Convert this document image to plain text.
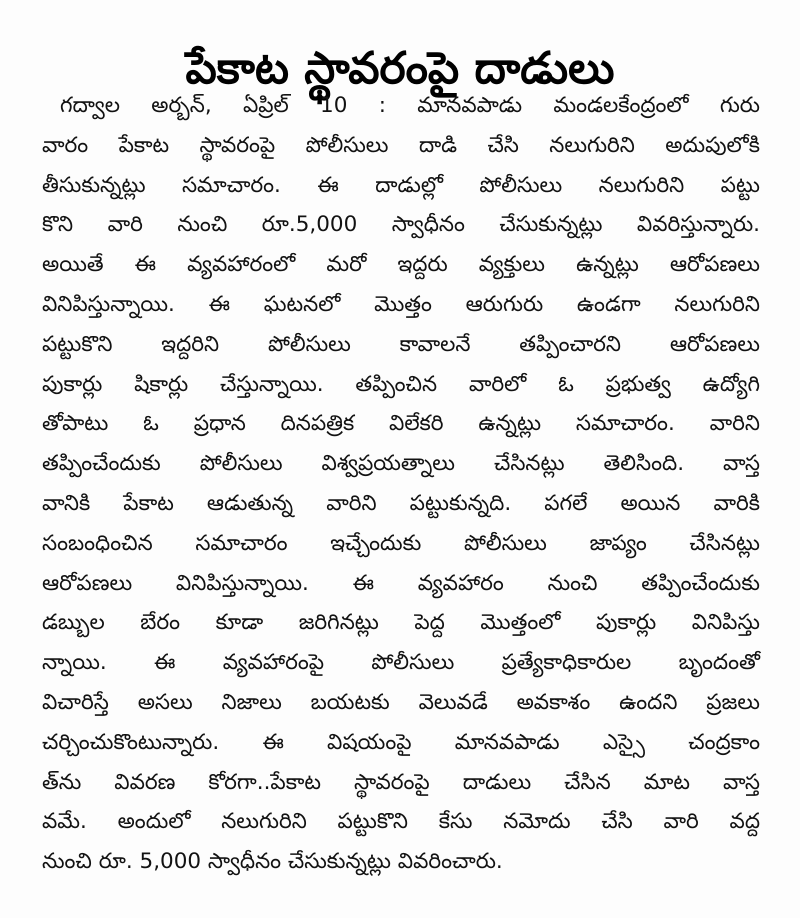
పేకాట స్థావరంపై దాడులు
గద్వాల అర్బన్, ఏప్రిల్ 10 : మానవపాడు మండలకేంద్రంలో గురు
వారం పేకాట స్థావరంపై పోలీసులు దాడి చేసి నలుగురిని అదుపులోకి
తీసుకున్నట్లు సమాచారం. ఈ దాడుల్లో పోలీసులు నలుగురిని పట్టు
కొని వారి నుంచి రూ.5,000 స్వాధీనం చేసుకున్నట్లు వివరిస్తున్నారు.
అయితే ఈ వ్యవహారంలో మరో ఇద్దరు వ్యక్తులు ఉన్నట్లు ఆరోపణలు
వినిపిస్తున్నాయి. ఈ ఘటనలో మొత్తం ఆరుగురు ఉండగా నలుగురిని
పట్టుకొని ఇద్దరిని పోలీసులు కావాలనే తప్పించారని ఆరోపణలు
పుకార్లు షికార్లు చేస్తున్నాయి. తప్పించిన వారిలో ఓ ప్రభుత్వ ఉద్యోగి
తోపాటు ఓ ప్రధాన దినపత్రిక విలేకరి ఉన్నట్లు సమాచారం. వారిని
తప్పించేందుకు పోలీసులు విశ్వప్రయత్నాలు చేసినట్లు తెలిసింది. వాస్త
వానికి పేకాట ఆడుతున్న వారిని పట్టుకున్నది. పగలే అయిన వారికి
సంబంధించిన సమాచారం ఇచ్చేందుకు పోలీసులు జాప్యం చేసినట్లు
ఆరోపణలు వినిపిస్తున్నాయి. ఈ వ్యవహారం నుంచి తప్పించేందుకు
డబ్బుల బేరం కూడా జరిగినట్లు పెద్ద మొత్తంలో పుకార్లు వినిపిస్తు
న్నాయి. ఈ వ్యవహారంపై పోలీసులు ప్రత్యేకాధికారుల బృందంతో
విచారిస్తే అసలు నిజాలు బయటకు వెలువడే అవకాశం ఉందని ప్రజలు
చర్చించుకొంటున్నారు. ఈ విషయంపై మానవపాడు ఎస్సై చంద్రకాం
త్‌ను వివరణ కోరగా..పేకాట స్థావరంపై దాడులు చేసిన మాట వాస్త
వమే. అందులో నలుగురిని పట్టుకొని కేసు నమోదు చేసి వారి వద్ద
నుంచి రూ. 5,000 స్వాధీనం చేసుకున్నట్లు వివరించారు.
